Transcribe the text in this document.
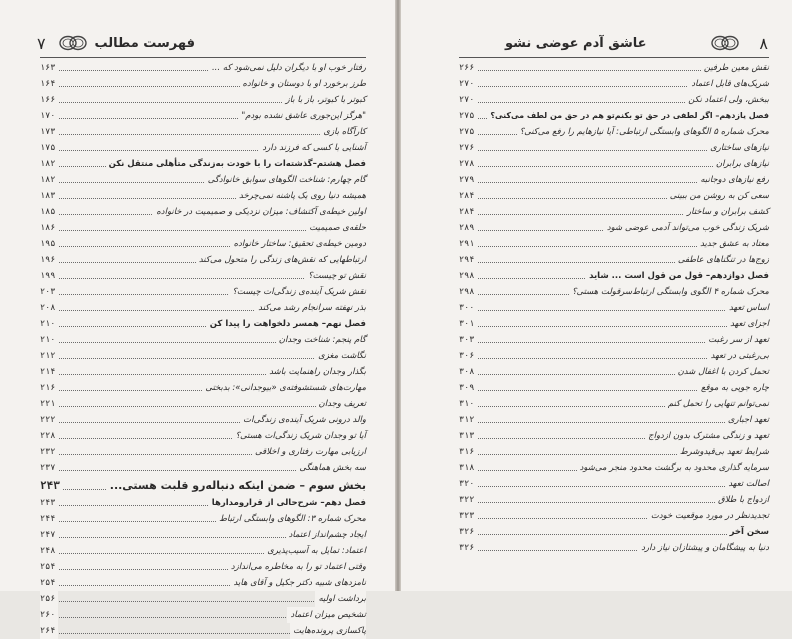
۷	فهرست مطالب
رفتار خوب او با دیگران دلیل نمی‌شود که ...
۱۶۳
طرز برخورد او با دوستان و خانواده
۱۶۴
کبوتر با کبوتر، باز با باز
۱۶۶
"هرگز این‌جوری عاشق نشده بودم"
۱۷۰
کارآگاه بازی
۱۷۳
آشنایی با کسی که فرزند دارد
۱۷۵
فصل هشتم–گذشته‌ات را با خودت به‌زندگی متأهلی منتقل نکن
۱۸۲
گام چهارم: شناخت الگوهای سوابق خانوادگی
۱۸۲
همیشه دنیا روی یک پاشنه نمی‌چرخد
۱۸۳
اولین خیطه‌ی آکتشاف: میزان نزدیکی و صمیمیت در خانواده
۱۸۵
حلقه‌ی صمیمیت
۱۸۶
دومین خیطه‌ی تحقیق: ساختار خانواده
۱۹۵
ارتباطهایی که نقش‌های زندگی را متحول می‌کند
۱۹۶
نقش تو چیست؟
۱۹۹
نقش شریک آینده‌ی زندگی‌ات چیست؟
۲۰۳
بذر نهفته سرانجام رشد می‌کند
۲۰۸
فصل نهم– همسر دلخواهت را پیدا کن
۲۱۰
گام پنجم: شناخت وجدان
۲۱۰
نگاشت مغزی
۲۱۲
بگذار وجدان راهنمایت باشد
۲۱۴
مهارت‌های شستشوفته‌ی «بیوجدانی»: بدبختی
۲۱۶
تعریف وجدان
۲۲۱
والد درونی شریک آینده‌ی زندگی‌ات
۲۲۲
آیا تو وجدان شریک زندگی‌ات هستی؟
۲۲۸
ارزیابی مهارت رفتاری و اخلاقی
۲۳۲
سه بخش هماهنگی
۲۳۷
بخش سوم – ضمن اینکه دنباله‌رو قلبت هستی...
۲۴۳
فصل دهم– شرح‌حالی از قرارومدارها
۲۴۳
محرک شماره ۳: الگوهای وابستگی ارتباط
۲۴۴
ایجاد چشم‌انداز اعتماد
۲۴۷
اعتماد: تمایل به آسیب‌پذیری
۲۴۸
وقتی اعتماد تو را به مخاطره می‌اندازد
۲۵۴
نامزدهای شبیه دکتر جکیل و آقای هاید
۲۵۴
برداشت اولیه
۲۵۶
تشخیص میزان اعتماد
۲۶۰
پاکسازی پرونده‌هایت
۲۶۴
عاشق آدم عوضی نشو	۸
نقش معین طرفین
۲۶۶
شریک‌های قابل اعتماد
۲۷۰
ببخش، ولی اعتماد نکن
۲۷۰
فصل یازدهم– اگر لطفی در حق تو بکنم‌تو هم در حق من لطف می‌کنی؟
۲۷۵
محرک شماره ۵ الگوهای وابستگی ارتباطی: آیا نیازهایم را رفع می‌کنی؟
۲۷۵
نیازهای ساختاری
۲۷۶
نیازهای برابران
۲۷۸
رفع نیازهای دوجانبه
۲۷۹
سعی کن به روشن من ببینی
۲۸۴
کشف برابران و ساختار
۲۸۴
شریک زندگی خوب می‌تواند آدمی عوضی شود
۲۸۹
معتاد به عشق جدید
۲۹۱
زوج‌ها در تنگناهای عاطفی
۲۹۴
فصل دوازدهم– قول من قول است ... شاید
۲۹۸
محرک شماره ۴ الگوی وابستگی ارتباط‌سرقولت هستی؟
۲۹۸
اساس تعهد
۳۰۰
اجزای تعهد
۳۰۱
تعهد از سر رغبت
۳۰۳
بی‌رغبتی در تعهد
۳۰۶
تحمل کردن با اغفال شدن
۳۰۸
چاره جویی به موقع
۳۰۹
نمی‌توانم تنهایی را تحمل کنم
۳۱۰
تعهد اجباری
۳۱۲
تعهد و زندگی مشترک بدون ازدواج
۳۱۳
شرایط تعهد بی‌قیدوشرط
۳۱۶
سرمایه گذاری محدود به برگشت محدود منجر می‌شود
۳۱۸
اصالت تعهد
۳۲۰
ازدواج با طلاق
۳۲۲
تجدیدنظر در مورد موقعیت خودت
۳۲۳
سخن آخر
۳۲۶
دنیا به پیشگامان و پیشتازان نیاز دارد
۳۲۶
